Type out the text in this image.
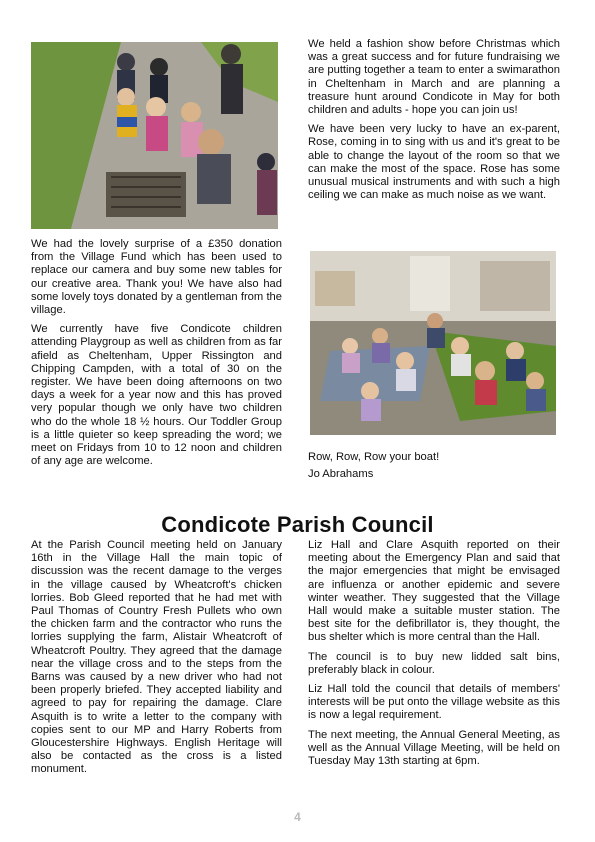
We had the lovely surprise of a £350 donation from the Village Fund which has been used to replace our camera and buy some new tables for our creative area. Thank you! We have also had some lovely toys donated by a gentleman from the village.

We currently have five Condicote children attending Playgroup as well as children from as far afield as Cheltenham, Upper Rissington and Chipping Campden, with a total of 30 on the register. We have been doing afternoons on two days a week for a year now and this has proved very popular though we only have two children who do the whole 18 ½ hours. Our Toddler Group is a little quieter so keep spreading the word; we meet on Fridays from 10 to 12 noon and children of any age are welcome.

We held a fashion show before Christmas which was a great success and for future fundraising we are putting together a team to enter a swimarathon in Cheltenham in March and are planning a treasure hunt around Condicote in May for both children and adults - hope you can join us!

We have been very lucky to have an ex-parent, Rose, coming in to sing with us and it's great to be able to change the layout of the room so that we can make the most of the space. Rose has some unusual musical instruments and with such a high ceiling we can make as much noise as we want.

Row, Row, Row your boat!
Jo Abrahams
Condicote Parish Council

At the Parish Council meeting held on January 16th in the Village Hall the main topic of discussion was the recent damage to the verges in the village caused by Wheatcroft's chicken lorries. Bob Gleed reported that he had met with Paul Thomas of Country Fresh Pullets who own the chicken farm and the contractor who runs the lorries supplying the farm, Alistair Wheatcroft of Wheatcroft Poultry. They agreed that the damage near the village cross and to the steps from the Barns was caused by a new driver who had not been properly briefed. They accepted liability and agreed to pay for repairing the damage. Clare Asquith is to write a letter to the company with copies sent to our MP and Harry Roberts from Gloucestershire Highways. English Heritage will also be contacted as the cross is a listed monument.

Liz Hall and Clare Asquith reported on their meeting about the Emergency Plan and said that the major emergencies that might be envisaged are influenza or another epidemic and severe winter weather. They suggested that the Village Hall would make a suitable muster station. The best site for the defibrillator is, they thought, the bus shelter which is more central than the Hall.

The council is to buy new lidded salt bins, preferably black in colour.

Liz Hall told the council that details of members' interests will be put onto the village website as this is now a legal requirement.

The next meeting, the Annual General Meeting, as well as the Annual Village Meeting, will be held on Tuesday May 13th starting at 6pm.

4
